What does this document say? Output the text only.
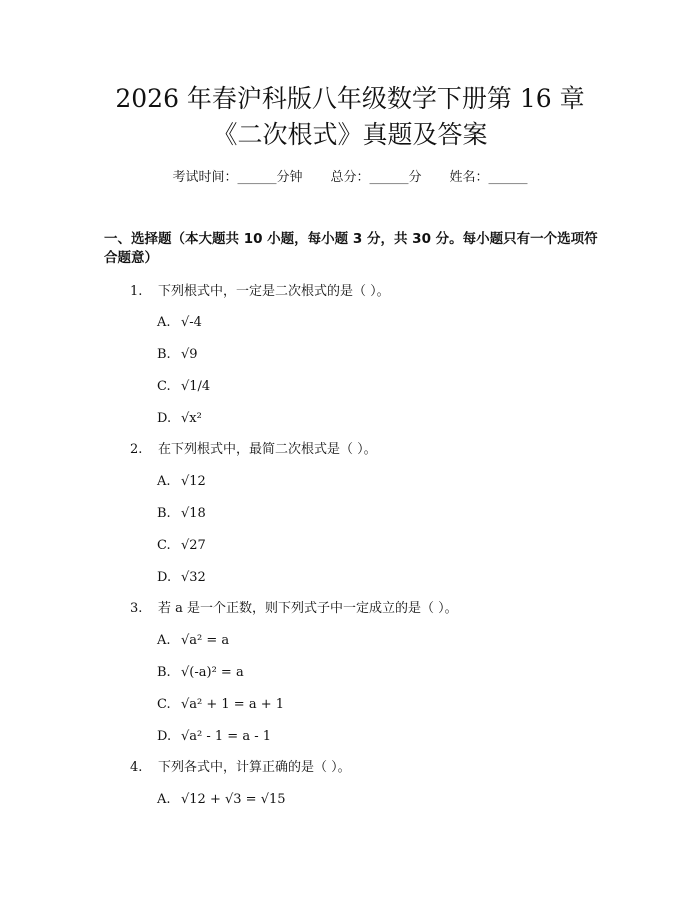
2026 年春沪科版八年级数学下册第 16 章
《二次根式》真题及答案
考试时间：______分钟 总分：______分 姓名：______
一、选择题（本大题共 10 小题，每小题 3 分，共 30 分。每小题只有一个选项符合题意）
1. 下列根式中，一定是二次根式的是（ ）。
A. √-4
B. √9
C. √1/4
D. √x²
2. 在下列根式中，最简二次根式是（ ）。
A. √12
B. √18
C. √27
D. √32
3. 若 a 是一个正数，则下列式子中一定成立的是（ ）。
A. √a² = a
B. √(-a)² = a
C. √a² + 1 = a + 1
D. √a² - 1 = a - 1
4. 下列各式中，计算正确的是（ ）。
A. √12 + √3 = √15
